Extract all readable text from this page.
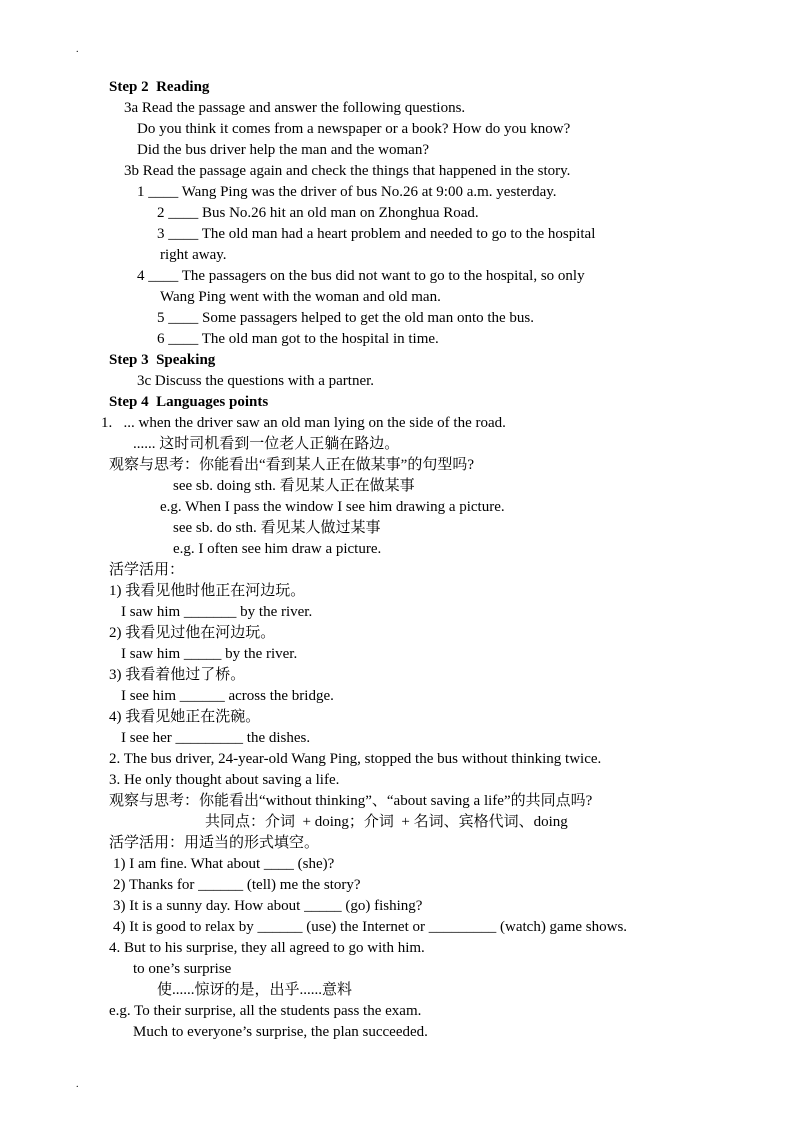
.
Step 2  Reading
3a Read the passage and answer the following questions.
Do you think it comes from a newspaper or a book? How do you know?
Did the bus driver help the man and the woman?
3b Read the passage again and check the things that happened in the story.
1 ____ Wang Ping was the driver of bus No.26 at 9:00 a.m. yesterday.
2 ____ Bus No.26 hit an old man on Zhonghua Road.
3 ____ The old man had a heart problem and needed to go to the hospital
right away.
4 ____ The passagers on the bus did not want to go to the hospital, so only
Wang Ping went with the woman and old man.
5 ____ Some passagers helped to get the old man onto the bus.
6 ____ The old man got to the hospital in time.
Step 3  Speaking
3c Discuss the questions with a partner.
Step 4  Languages points
1.   ... when the driver saw an old man lying on the side of the road.
...... 这时司机看到一位老人正躺在路边。
观察与思考：你能看出“看到某人正在做某事”的句型吗?
see sb. doing sth. 看见某人正在做某事
e.g. When I pass the window I see him drawing a picture.
see sb. do sth. 看见某人做过某事
e.g. I often see him draw a picture.
活学活用：
1) 我看见他时他正在河边玩。
I saw him _______ by the river.
2) 我看见过他在河边玩。
I saw him _____ by the river.
3) 我看着他过了桥。
I see him ______ across the bridge.
4) 我看见她正在洗碗。
I see her _________ the dishes.
2. The bus driver, 24-year-old Wang Ping, stopped the bus without thinking twice.
3. He only thought about saving a life.
观察与思考：你能看出“without thinking”、“about saving a life”的共同点吗?
共同点：介词  + doing；介词  + 名词、宾格代词、doing
活学活用：用适当的形式填空。
1) I am fine. What about ____ (she)?
2) Thanks for ______ (tell) me the story?
3) It is a sunny day. How about _____ (go) fishing?
4) It is good to relax by ______ (use) the Internet or _________ (watch) game shows.
4. But to his surprise, they all agreed to go with him.
to one’s surprise
使......惊讶的是，出乎......意料
e.g. To their surprise, all the students pass the exam.
Much to everyone’s surprise, the plan succeeded.
.
